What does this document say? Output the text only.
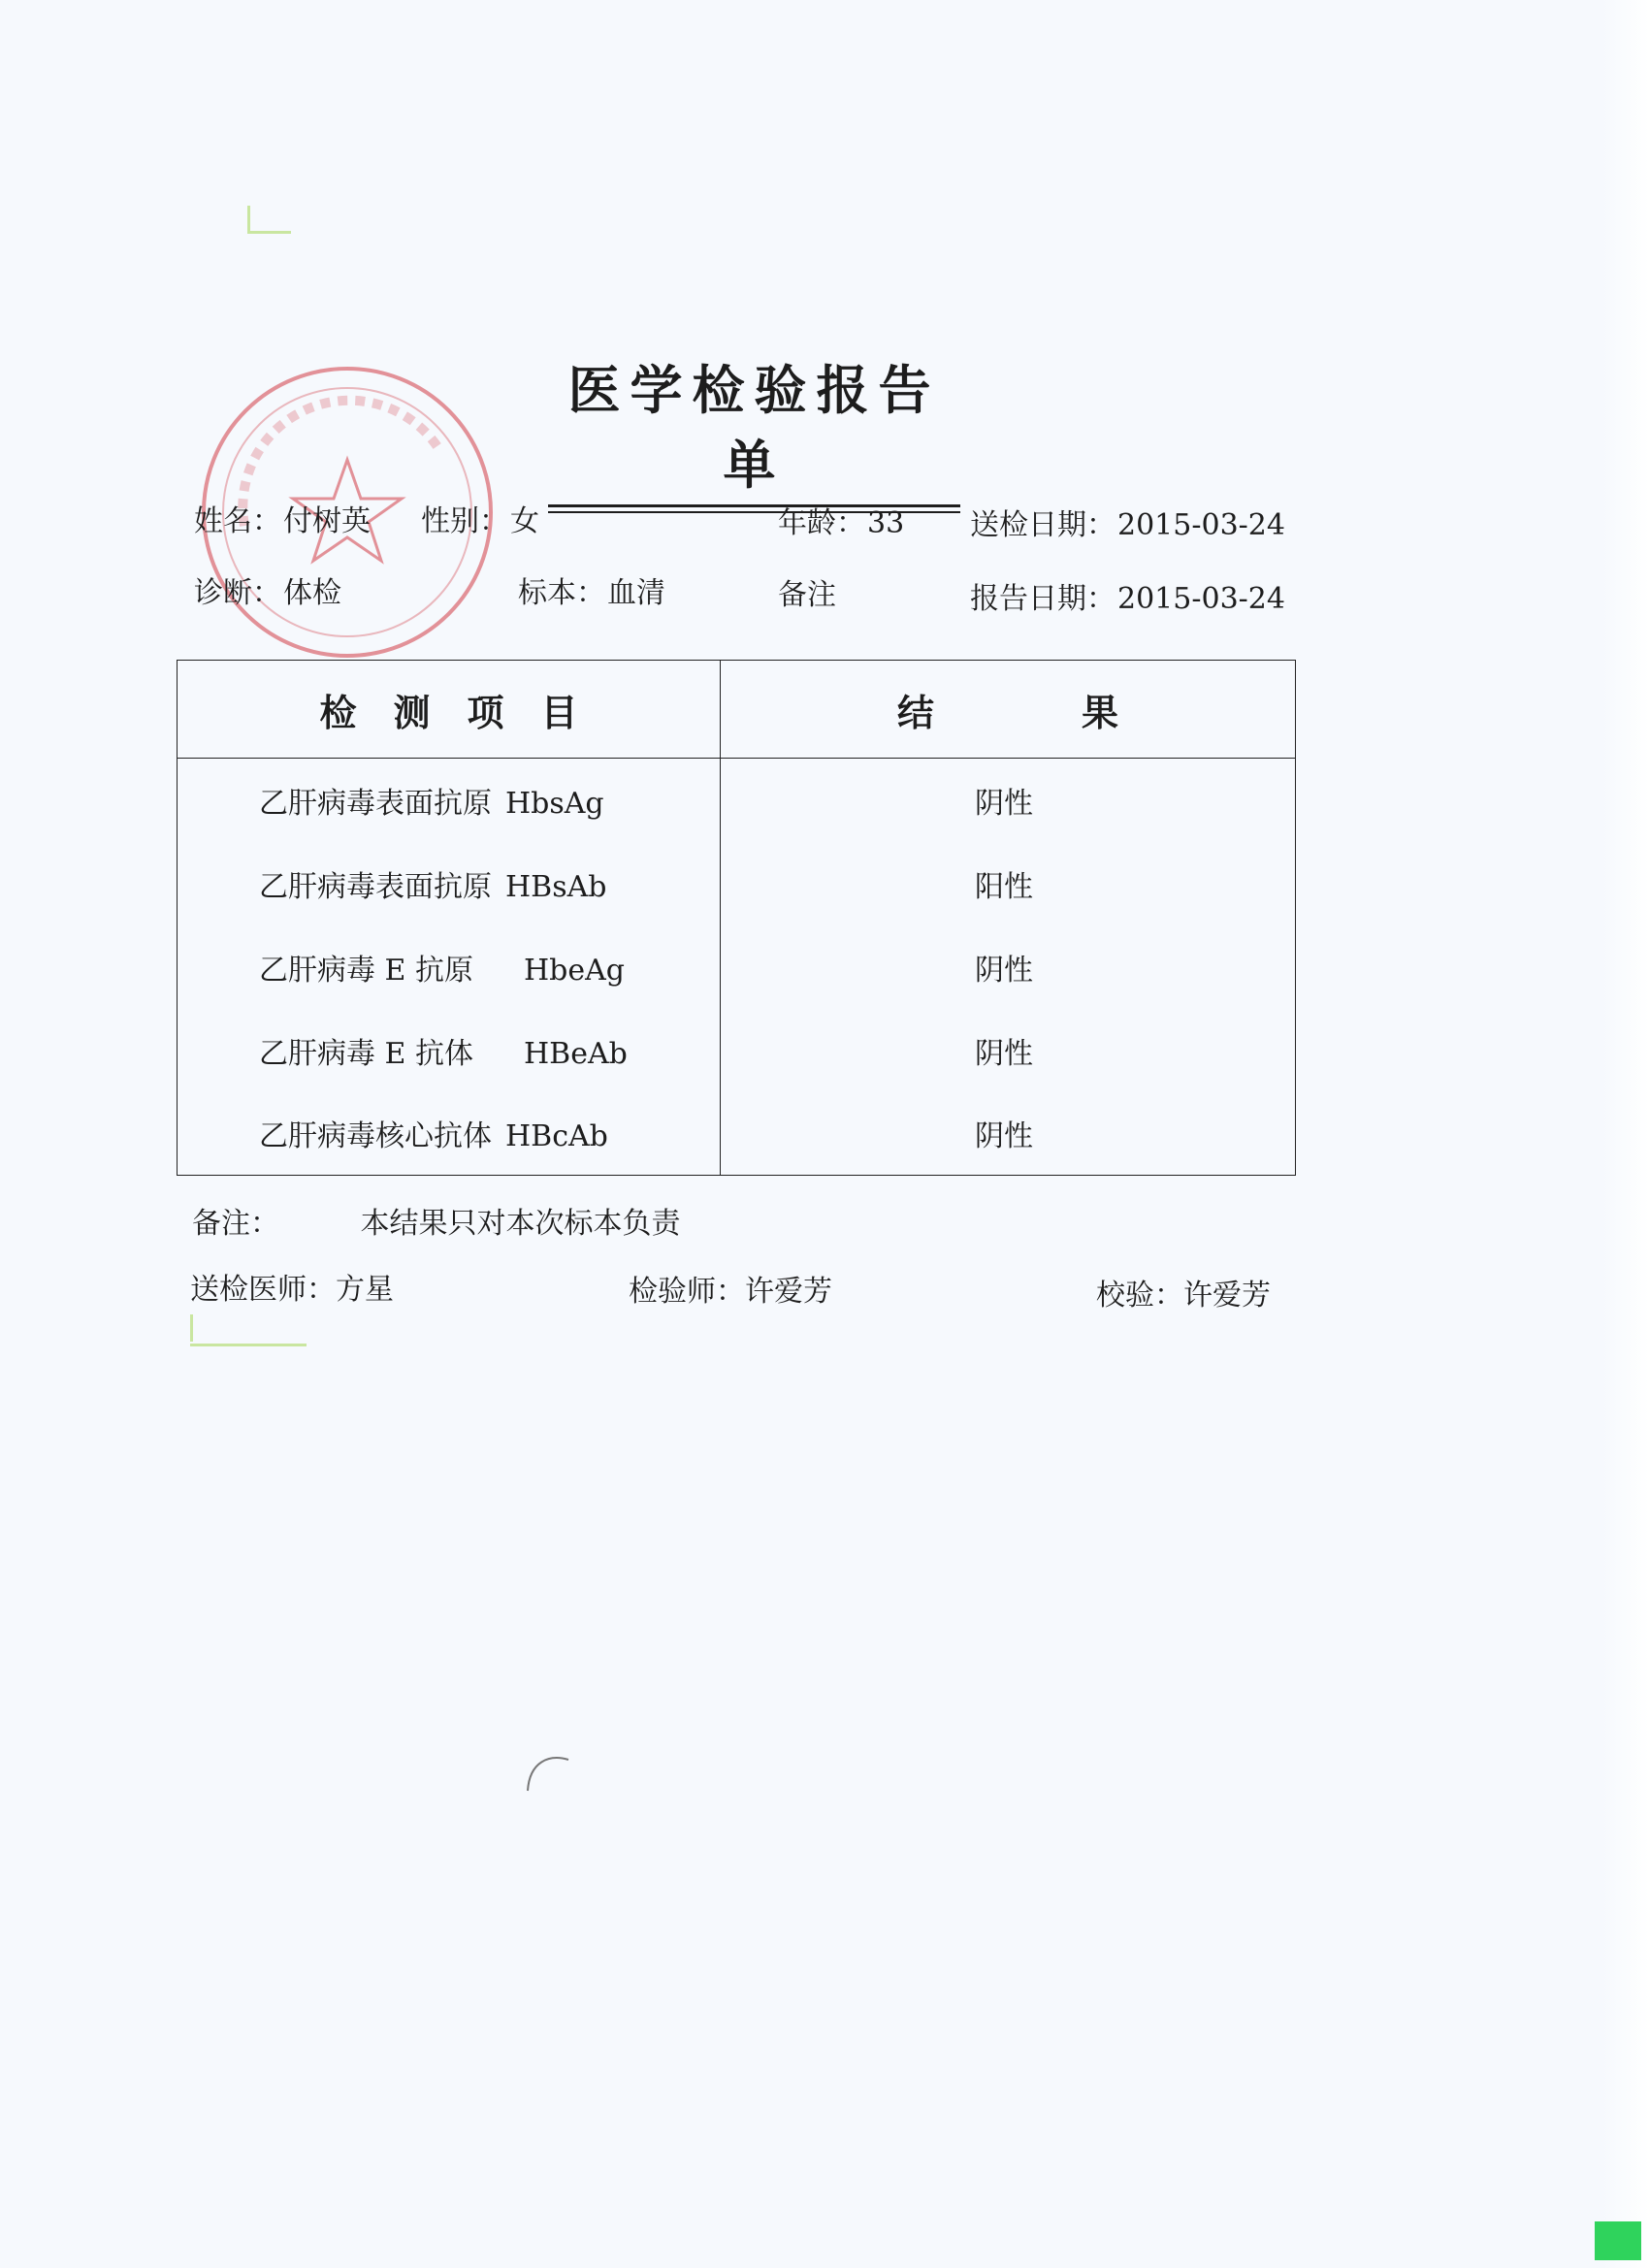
医学检验报告单
姓名：付树英 性别：女	年龄：33 送检日期：2015-03-24
诊断：体检	标本：血清	备注	报告日期：2015-03-24
检　测　项　目	结　　　　果
乙肝病毒表面抗原 HbsAg	阴性
乙肝病毒表面抗原 HBsAb	阳性
乙肝病毒 E 抗原 HbeAg	阴性
乙肝病毒 E 抗体 HBeAb	阴性
乙肝病毒核心抗体 HBcAb	阴性
备注：	本结果只对本次标本负责
送检医师：方星	检验师：许爱芳	校验：许爱芳
